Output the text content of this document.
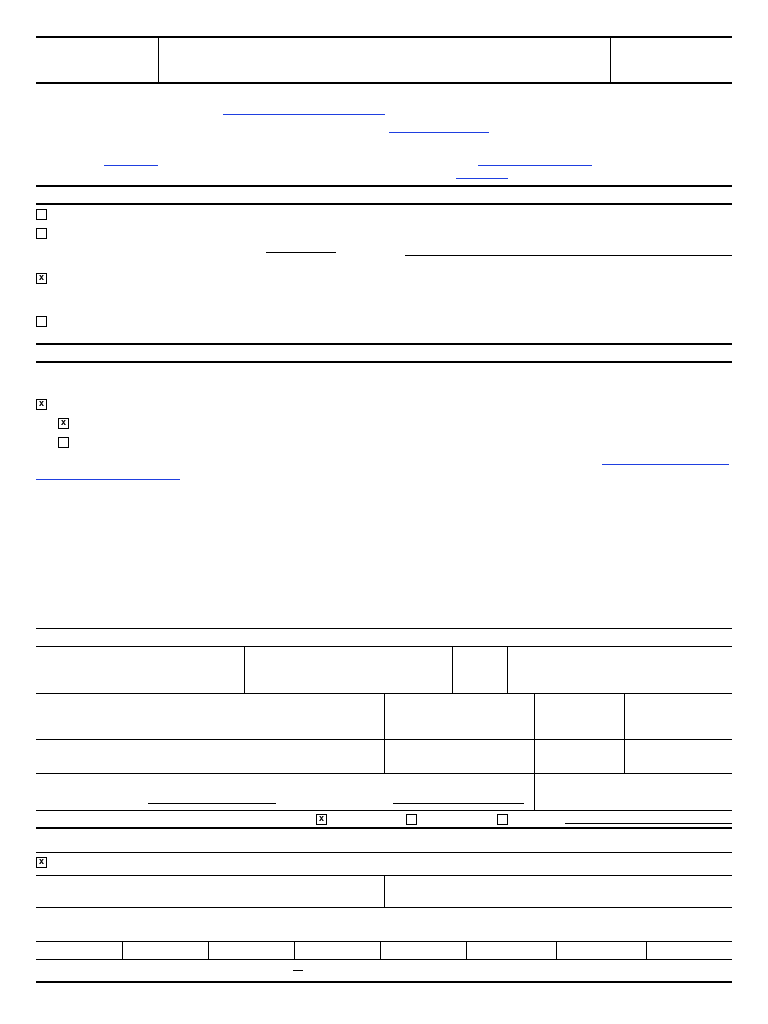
x
x
x
x
x
